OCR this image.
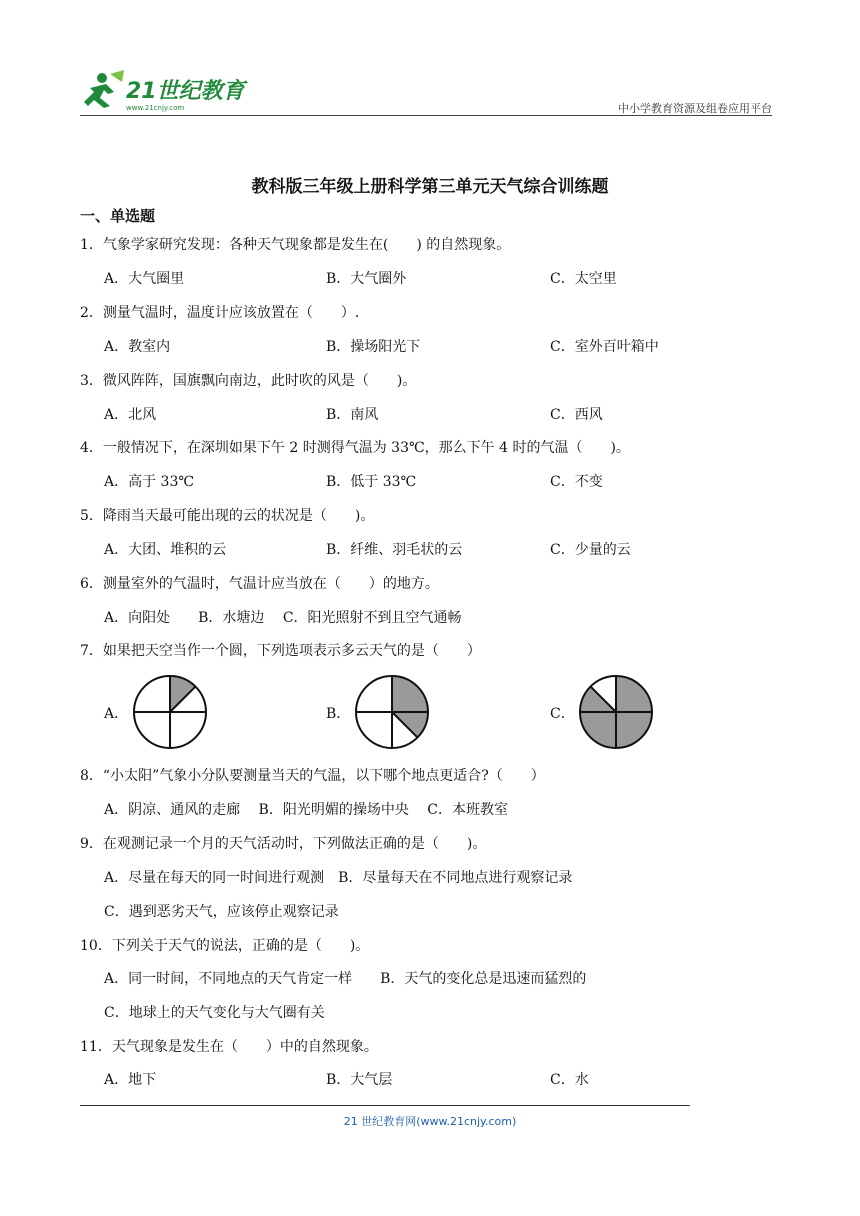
21世纪教育
www.21cnjy.com	中小学教育资源及组卷应用平台
教科版三年级上册科学第三单元天气综合训练题
一、单选题
1．气象学家研究发现：各种天气现象都是发生在(　　) 的自然现象。
A．大气圈里	B．大气圈外	C．太空里
2．测量气温时，温度计应该放置在（　　）.
A．教室内	B．操场阳光下	C．室外百叶箱中
3．微风阵阵，国旗飘向南边，此时吹的风是（　　)。
A．北风	B．南风	C．西风
4．一般情况下，在深圳如果下午 2 时测得气温为 33℃，那么下午 4 时的气温（　　)。
A．高于 33℃	B．低于 33℃	C．不变
5．降雨当天最可能出现的云的状况是（　　)。
A．大团、堆积的云	B．纤维、羽毛状的云	C．少量的云
6．测量室外的气温时，气温计应当放在（　　）的地方。
A．向阳处　　B．水塘边　 C．阳光照射不到且空气通畅
7．如果把天空当作一个圆，下列选项表示多云天气的是（　　）
A．	B．	C．
8．“小太阳”气象小分队要测量当天的气温，以下哪个地点更适合?（　　）
A．阴凉、通风的走廊　 B．阳光明媚的操场中央　 C．本班教室
9．在观测记录一个月的天气活动时，下列做法正确的是（　　)。
A．尽量在每天的同一时间进行观测　B．尽量每天在不同地点进行观察记录
C．遇到恶劣天气，应该停止观察记录
10．下列关于天气的说法，正确的是（　　)。
A．同一时间，不同地点的天气肯定一样　　B．天气的变化总是迅速而猛烈的
C．地球上的天气变化与大气圈有关
11．天气现象是发生在（　　）中的自然现象。
A．地下	B．大气层	C．水
21 世纪教育网(www.21cnjy.com)
